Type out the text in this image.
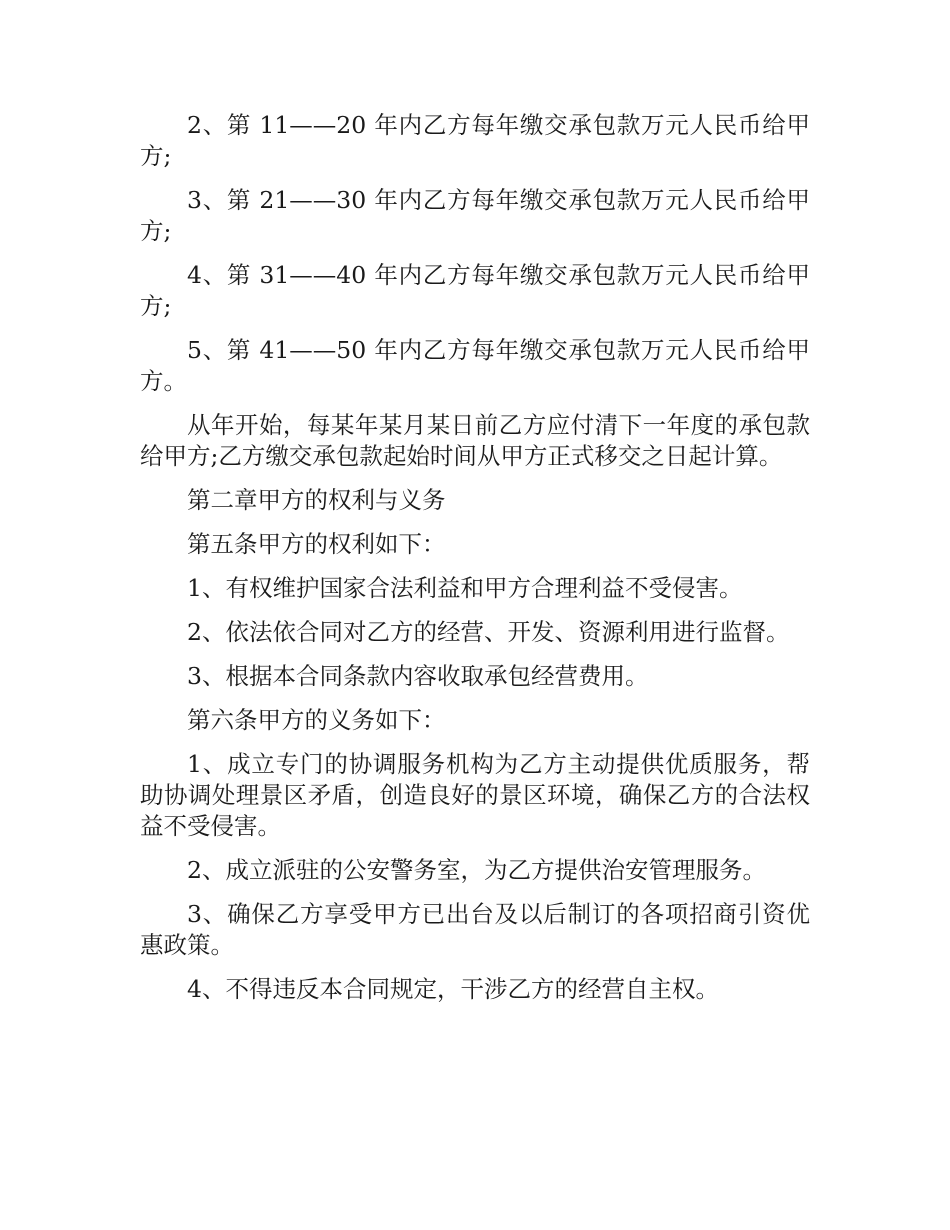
2、第 11——20 年内乙方每年缴交承包款万元人民币给甲方;

3、第 21——30 年内乙方每年缴交承包款万元人民币给甲方;

4、第 31——40 年内乙方每年缴交承包款万元人民币给甲方;

5、第 41——50 年内乙方每年缴交承包款万元人民币给甲方。

从年开始，每某年某月某日前乙方应付清下一年度的承包款给甲方;乙方缴交承包款起始时间从甲方正式移交之日起计算。

第二章甲方的权利与义务

第五条甲方的权利如下：

1、有权维护国家合法利益和甲方合理利益不受侵害。

2、依法依合同对乙方的经营、开发、资源利用进行监督。

3、根据本合同条款内容收取承包经营费用。

第六条甲方的义务如下：

1、成立专门的协调服务机构为乙方主动提供优质服务，帮助协调处理景区矛盾，创造良好的景区环境，确保乙方的合法权益不受侵害。

2、成立派驻的公安警务室，为乙方提供治安管理服务。

3、确保乙方享受甲方已出台及以后制订的各项招商引资优惠政策。

4、不得违反本合同规定，干涉乙方的经营自主权。
